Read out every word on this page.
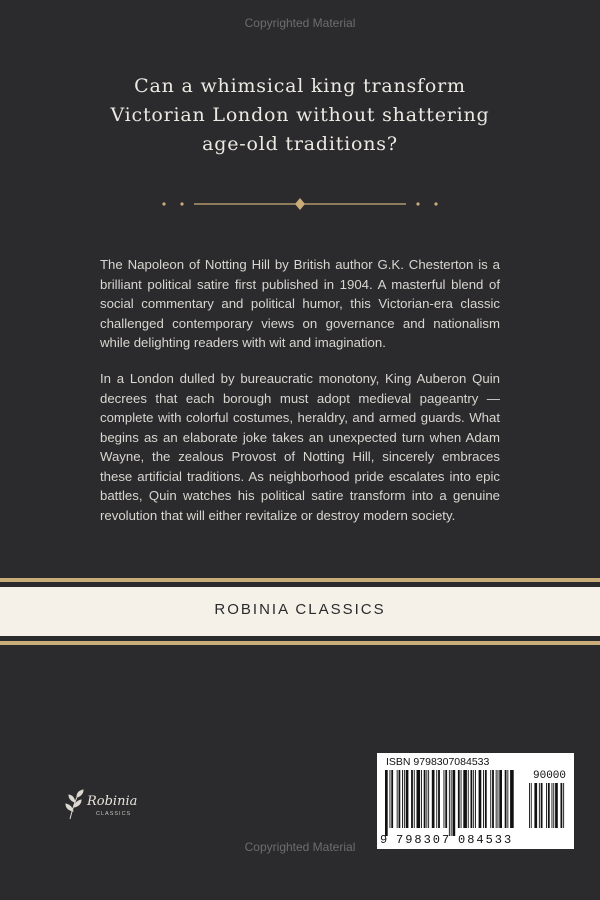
Copyrighted Material
Can a whimsical king transform
Victorian London without shattering
age-old traditions?

The Napoleon of Notting Hill by British author G.K. Chesterton is a brilliant political satire first published in 1904. A masterful blend of social commentary and political humor, this Victorian-era classic challenged contemporary views on governance and nationalism while delighting readers with wit and imagination.

In a London dulled by bureaucratic monotony, King Auberon Quin decrees that each borough must adopt medieval pageantry — complete with colorful costumes, heraldry, and armed guards. What begins as an elaborate joke takes an unexpected turn when Adam Wayne, the zealous Provost of Notting Hill, sincerely embraces these artificial traditions. As neighborhood pride escalates into epic battles, Quin watches his political satire transform into a genuine revolution that will either revitalize or destroy modern society.

ROBINIA CLASSICS
Robinia
CLASSICS
ISBN 9798307084533
90000
9 798307 084533
Copyrighted Material
